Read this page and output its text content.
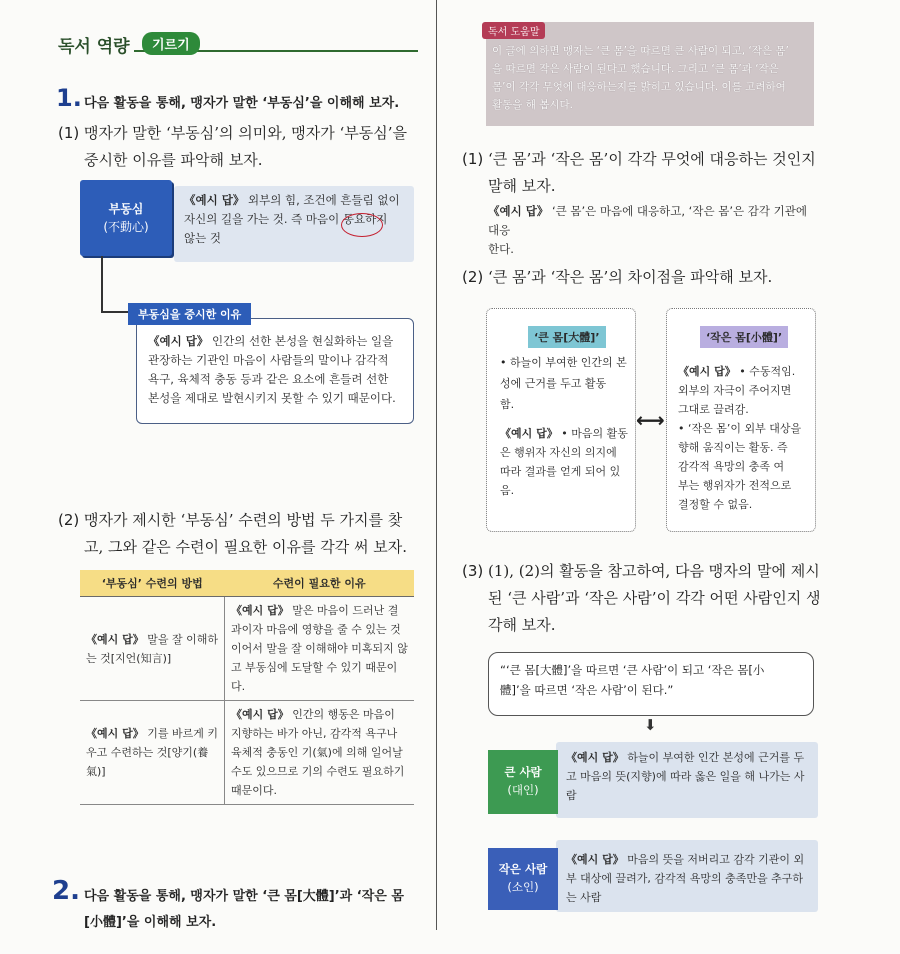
독서 역량	기르기
1. 다음 활동을 통해, 맹자가 말한 ‘부동심’을 이해해 보자.
(1) 맹자가 말한 ‘부동심’의 의미와, 맹자가 ‘부동심’을
중시한 이유를 파악해 보자.
부동심
(不動心)
《예시 답》 외부의 힘, 조건에 흔들림 없이
자신의 길을 가는 것. 즉 마음이 동요하지
않는 것
부동심을 중시한 이유
《예시 답》 인간의 선한 본성을 현실화하는 일을
관장하는 기관인 마음이 사람들의 말이나 감각적
욕구, 육체적 충동 등과 같은 요소에 흔들려 선한
본성을 제대로 발현시키지 못할 수 있기 때문이다.
(2) 맹자가 제시한 ‘부동심’ 수련의 방법 두 가지를 찾
고, 그와 같은 수련이 필요한 이유를 각각 써 보자.
‘부동심’ 수련의 방법	수련이 필요한 이유
《예시 답》 말을 잘 이해하는 것[지언(知言)]	《예시 답》 말은 마음이 드러난 결과이자 마음에 영향을 줄 수 있는 것이어서 말을 잘 이해해야 미혹되지 않고 부동심에 도달할 수 있기 때문이다.
《예시 답》 기를 바르게 키우고 수련하는 것[양기(養氣)]	《예시 답》 인간의 행동은 마음이 지향하는 바가 아닌, 감각적 욕구나 육체적 충동인 기(氣)에 의해 일어날 수도 있으므로 기의 수련도 필요하기 때문이다.
2. 다음 활동을 통해, 맹자가 말한 ‘큰 몸[大體]’과 ‘작은 몸
[小體]’을 이해해 보자.
독서 도움말
이 글에 의하면 맹자는 ‘큰 몸’을 따르면 큰 사람이 되고, ‘작은 몸’
을 따르면 작은 사람이 된다고 했습니다. 그리고 ‘큰 몸’과 ‘작은
몸’이 각각 무엇에 대응하는지를 밝히고 있습니다. 이를 고려하여
활동을 해 봅시다.
(1) ‘큰 몸’과 ‘작은 몸’이 각각 무엇에 대응하는 것인지
말해 보자.
《예시 답》 ‘큰 몸’은 마음에 대응하고, ‘작은 몸’은 감각 기관에 대응
한다.
(2) ‘큰 몸’과 ‘작은 몸’의 차이점을 파악해 보자.
‘큰 몸[大體]’
• 하늘이 부여한 인간의 본
성에 근거를 두고 활동
함.
《예시 답》 • 마음의 활동
은 행위자 자신의 의지에
따라 결과를 얻게 되어 있
음.
⟷
‘작은 몸[小體]’
《예시 답》 • 수동적임.
외부의 자극이 주어지면
그대로 끌려감.
• ‘작은 몸’이 외부 대상을
향해 움직이는 활동. 즉
감각적 욕망의 충족 여
부는 행위자가 전적으로
결정할 수 없음.
(3) (1), (2)의 활동을 참고하여, 다음 맹자의 말에 제시
된 ‘큰 사람’과 ‘작은 사람’이 각각 어떤 사람인지 생
각해 보자.
“‘큰 몸[大體]’을 따르면 ‘큰 사람’이 되고 ‘작은 몸[小
體]’을 따르면 ‘작은 사람’이 된다.”
⬇
큰 사람
(대인)
《예시 답》 하늘이 부여한 인간 본성에 근거를 두
고 마음의 뜻(지향)에 따라 옳은 일을 해 나가는 사
람
작은 사람
(소인)
《예시 답》 마음의 뜻을 저버리고 감각 기관이 외
부 대상에 끌려가, 감각적 욕망의 충족만을 추구하
는 사람
